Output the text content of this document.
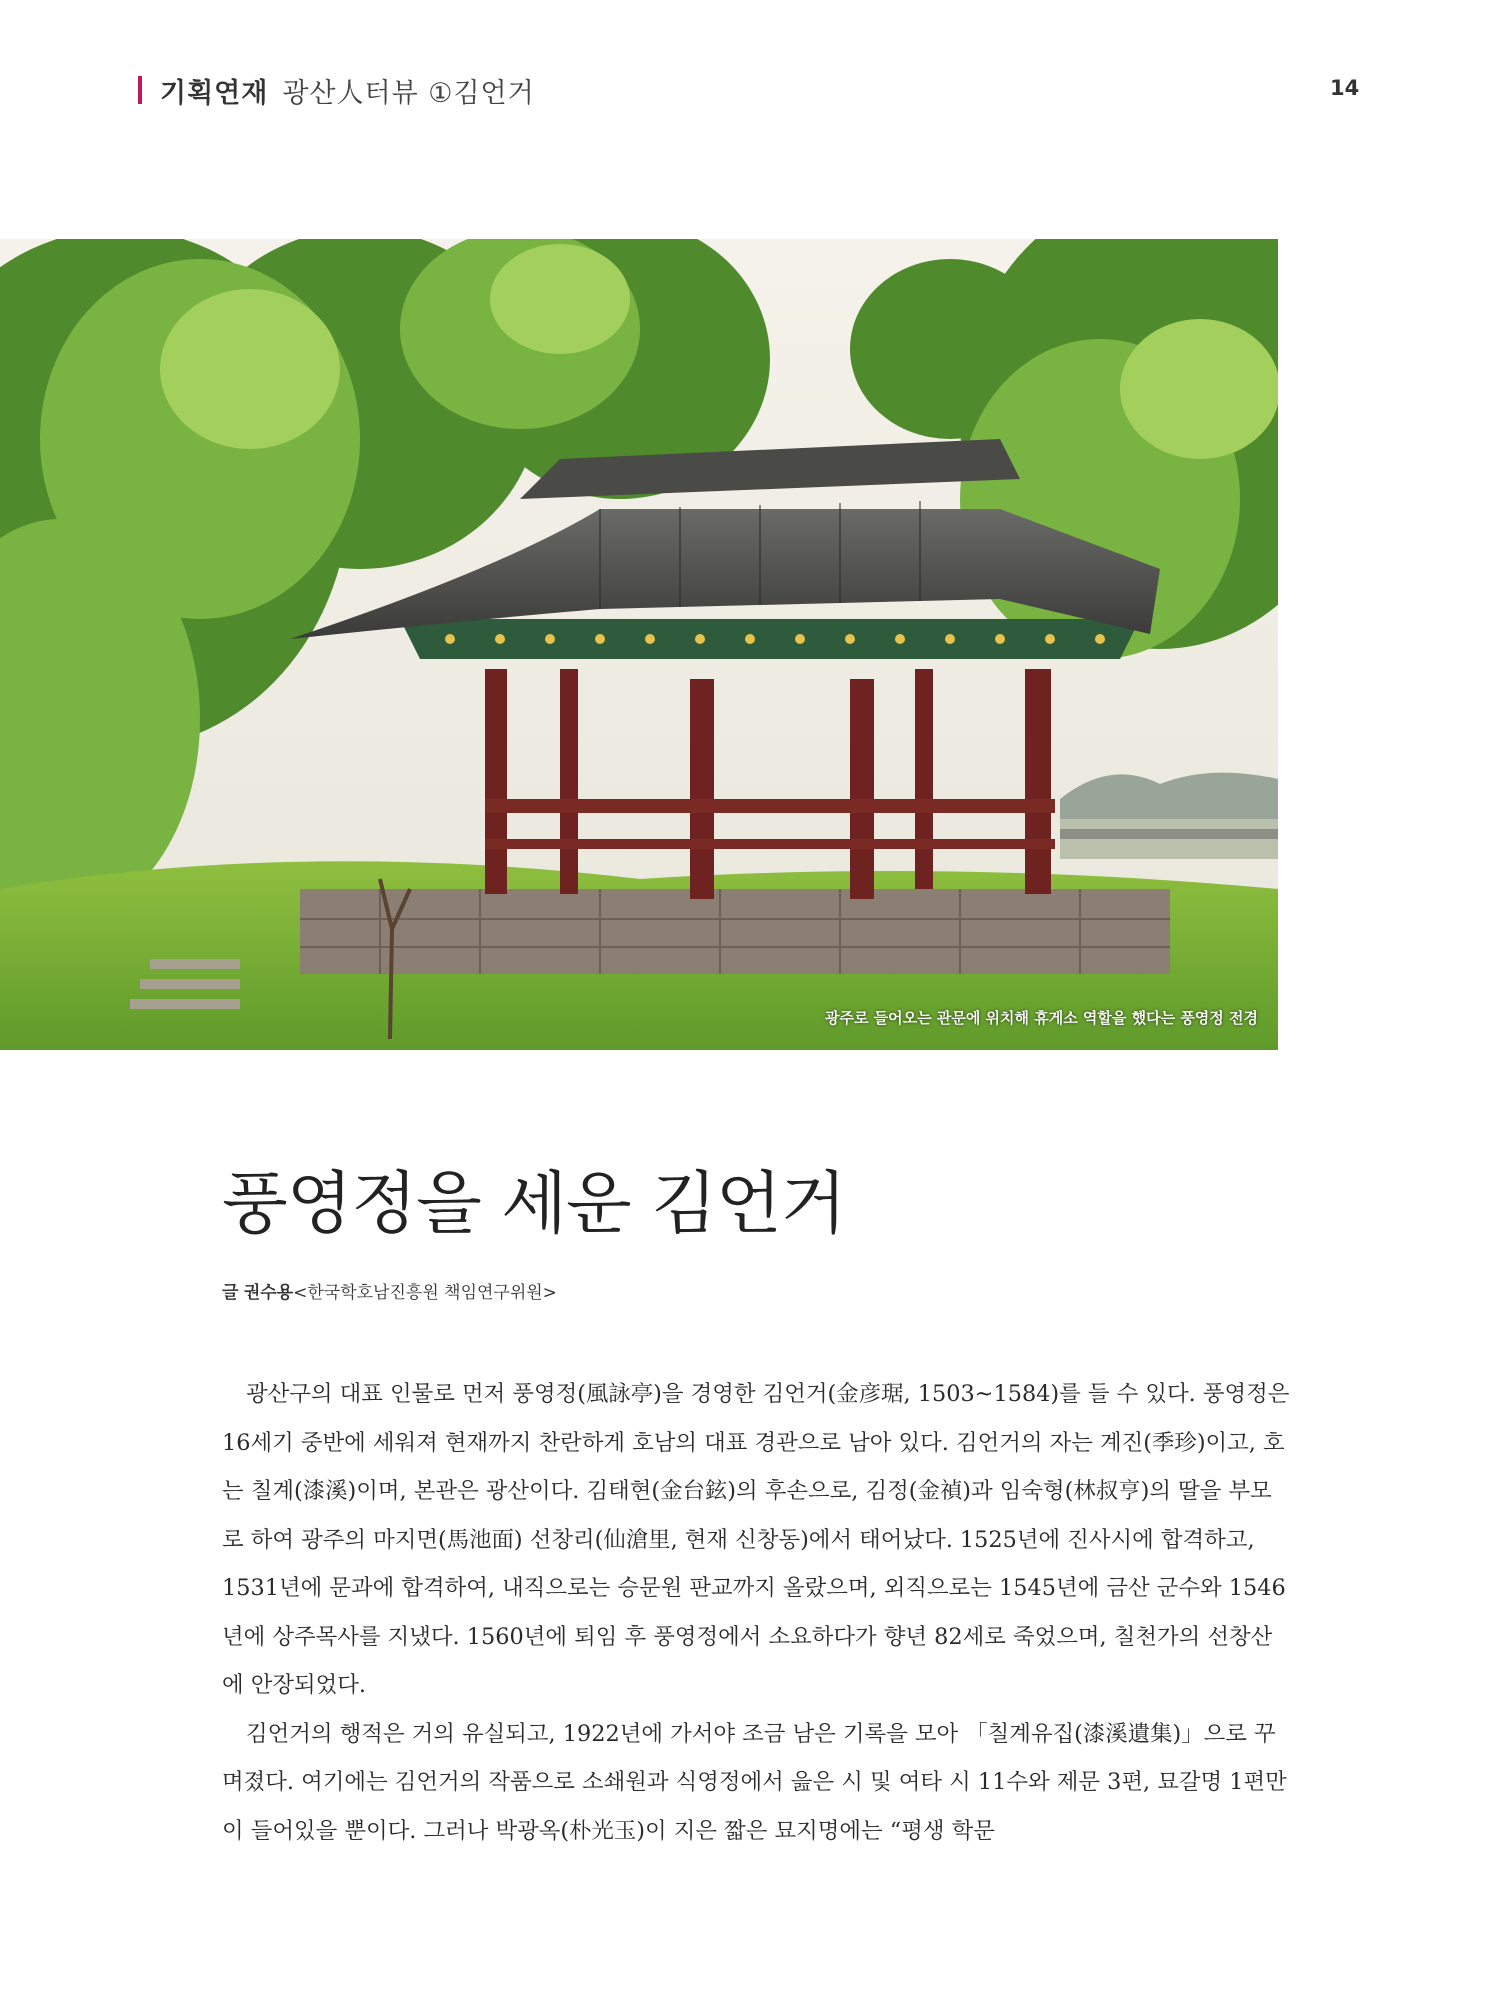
기획연재 광산人터뷰 ①김언거	14
광주로 들어오는 관문에 위치해 휴게소 역할을 했다는 풍영정 전경
풍영정을 세운 김언거
글 권수용<한국학호남진흥원 책임연구위원>

광산구의 대표 인물로 먼저 풍영정(風詠亭)을 경영한 김언거(金彦琚, 1503~1584)를 들 수 있다. 풍영정은 16세기 중반에 세워져 현재까지 찬란하게 호남의 대표 경관으로 남아 있다. 김언거의 자는 계진(季珍)이고, 호는 칠계(漆溪)이며, 본관은 광산이다. 김태현(金台鉉)의 후손으로, 김정(金禎)과 임숙형(林叔亨)의 딸을 부모로 하여 광주의 마지면(馬池面) 선창리(仙滄里, 현재 신창동)에서 태어났다. 1525년에 진사시에 합격하고, 1531년에 문과에 합격하여, 내직으로는 승문원 판교까지 올랐으며, 외직으로는 1545년에 금산 군수와 1546년에 상주목사를 지냈다. 1560년에 퇴임 후 풍영정에서 소요하다가 향년 82세로 죽었으며, 칠천가의 선창산에 안장되었다.

김언거의 행적은 거의 유실되고, 1922년에 가서야 조금 남은 기록을 모아 「칠계유집(漆溪遺集)」으로 꾸며졌다. 여기에는 김언거의 작품으로 소쇄원과 식영정에서 읊은 시 및 여타 시 11수와 제문 3편, 묘갈명 1편만이 들어있을 뿐이다. 그러나 박광옥(朴光玉)이 지은 짧은 묘지명에는 “평생 학문
